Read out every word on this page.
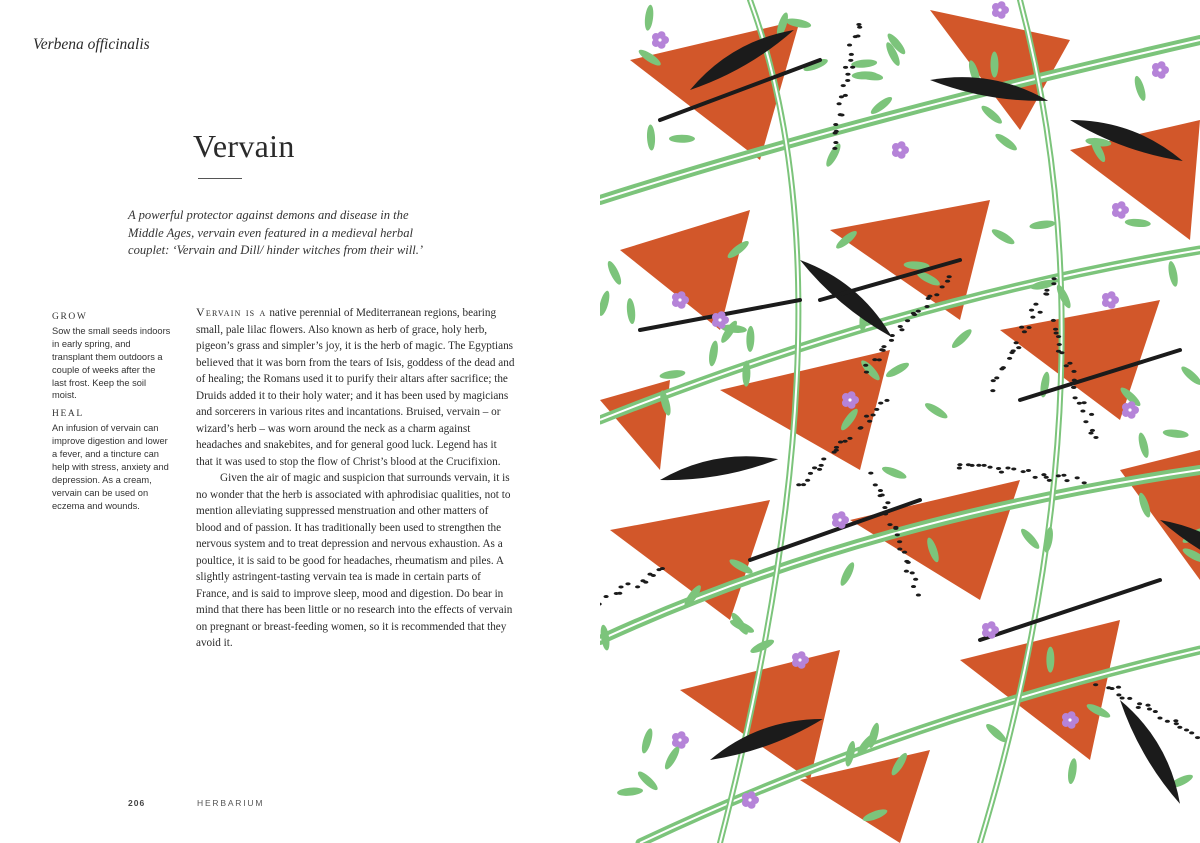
Verbena officinalis
Vervain
A powerful protector against demons and disease in the Middle Ages, vervain even featured in a medieval herbal couplet: ‘Vervain and Dill/ hinder witches from their will.’
GROW
Sow the small seeds indoors in early spring, and transplant them outdoors a couple of weeks after the last frost. Keep the soil moist.
HEAL
An infusion of vervain can improve digestion and lower a fever, and a tincture can help with stress, anxiety and depression. As a cream, vervain can be used on eczema and wounds.

Vervain is a native perennial of Mediterranean regions, bearing small, pale lilac flowers. Also known as herb of grace, holy herb, pigeon’s grass and simpler’s joy, it is the herb of magic. The Egyptians believed that it was born from the tears of Isis, goddess of the dead and of healing; the Romans used it to purify their altars after sacrifice; the Druids added it to their holy water; and it has been used by magicians and sorcerers in various rites and incantations. Bruised, vervain – or wizard’s herb – was worn around the neck as a charm against headaches and snakebites, and for general good luck. Legend has it that it was used to stop the flow of Christ’s blood at the Crucifixion.

Given the air of magic and suspicion that surrounds vervain, it is no wonder that the herb is associated with aphrodisiac qualities, not to mention alleviating suppressed menstruation and other matters of blood and of passion. It has traditionally been used to strengthen the nervous system and to treat depression and nervous exhaustion. As a poultice, it is said to be good for headaches, rheumatism and piles. A slightly astringent-tasting vervain tea is made in certain parts of France, and is said to improve sleep, mood and digestion. Do bear in mind that there has been little or no research into the effects of vervain on pregnant or breast-feeding women, so it is recommended that they avoid it.

206	HERBARIUM
